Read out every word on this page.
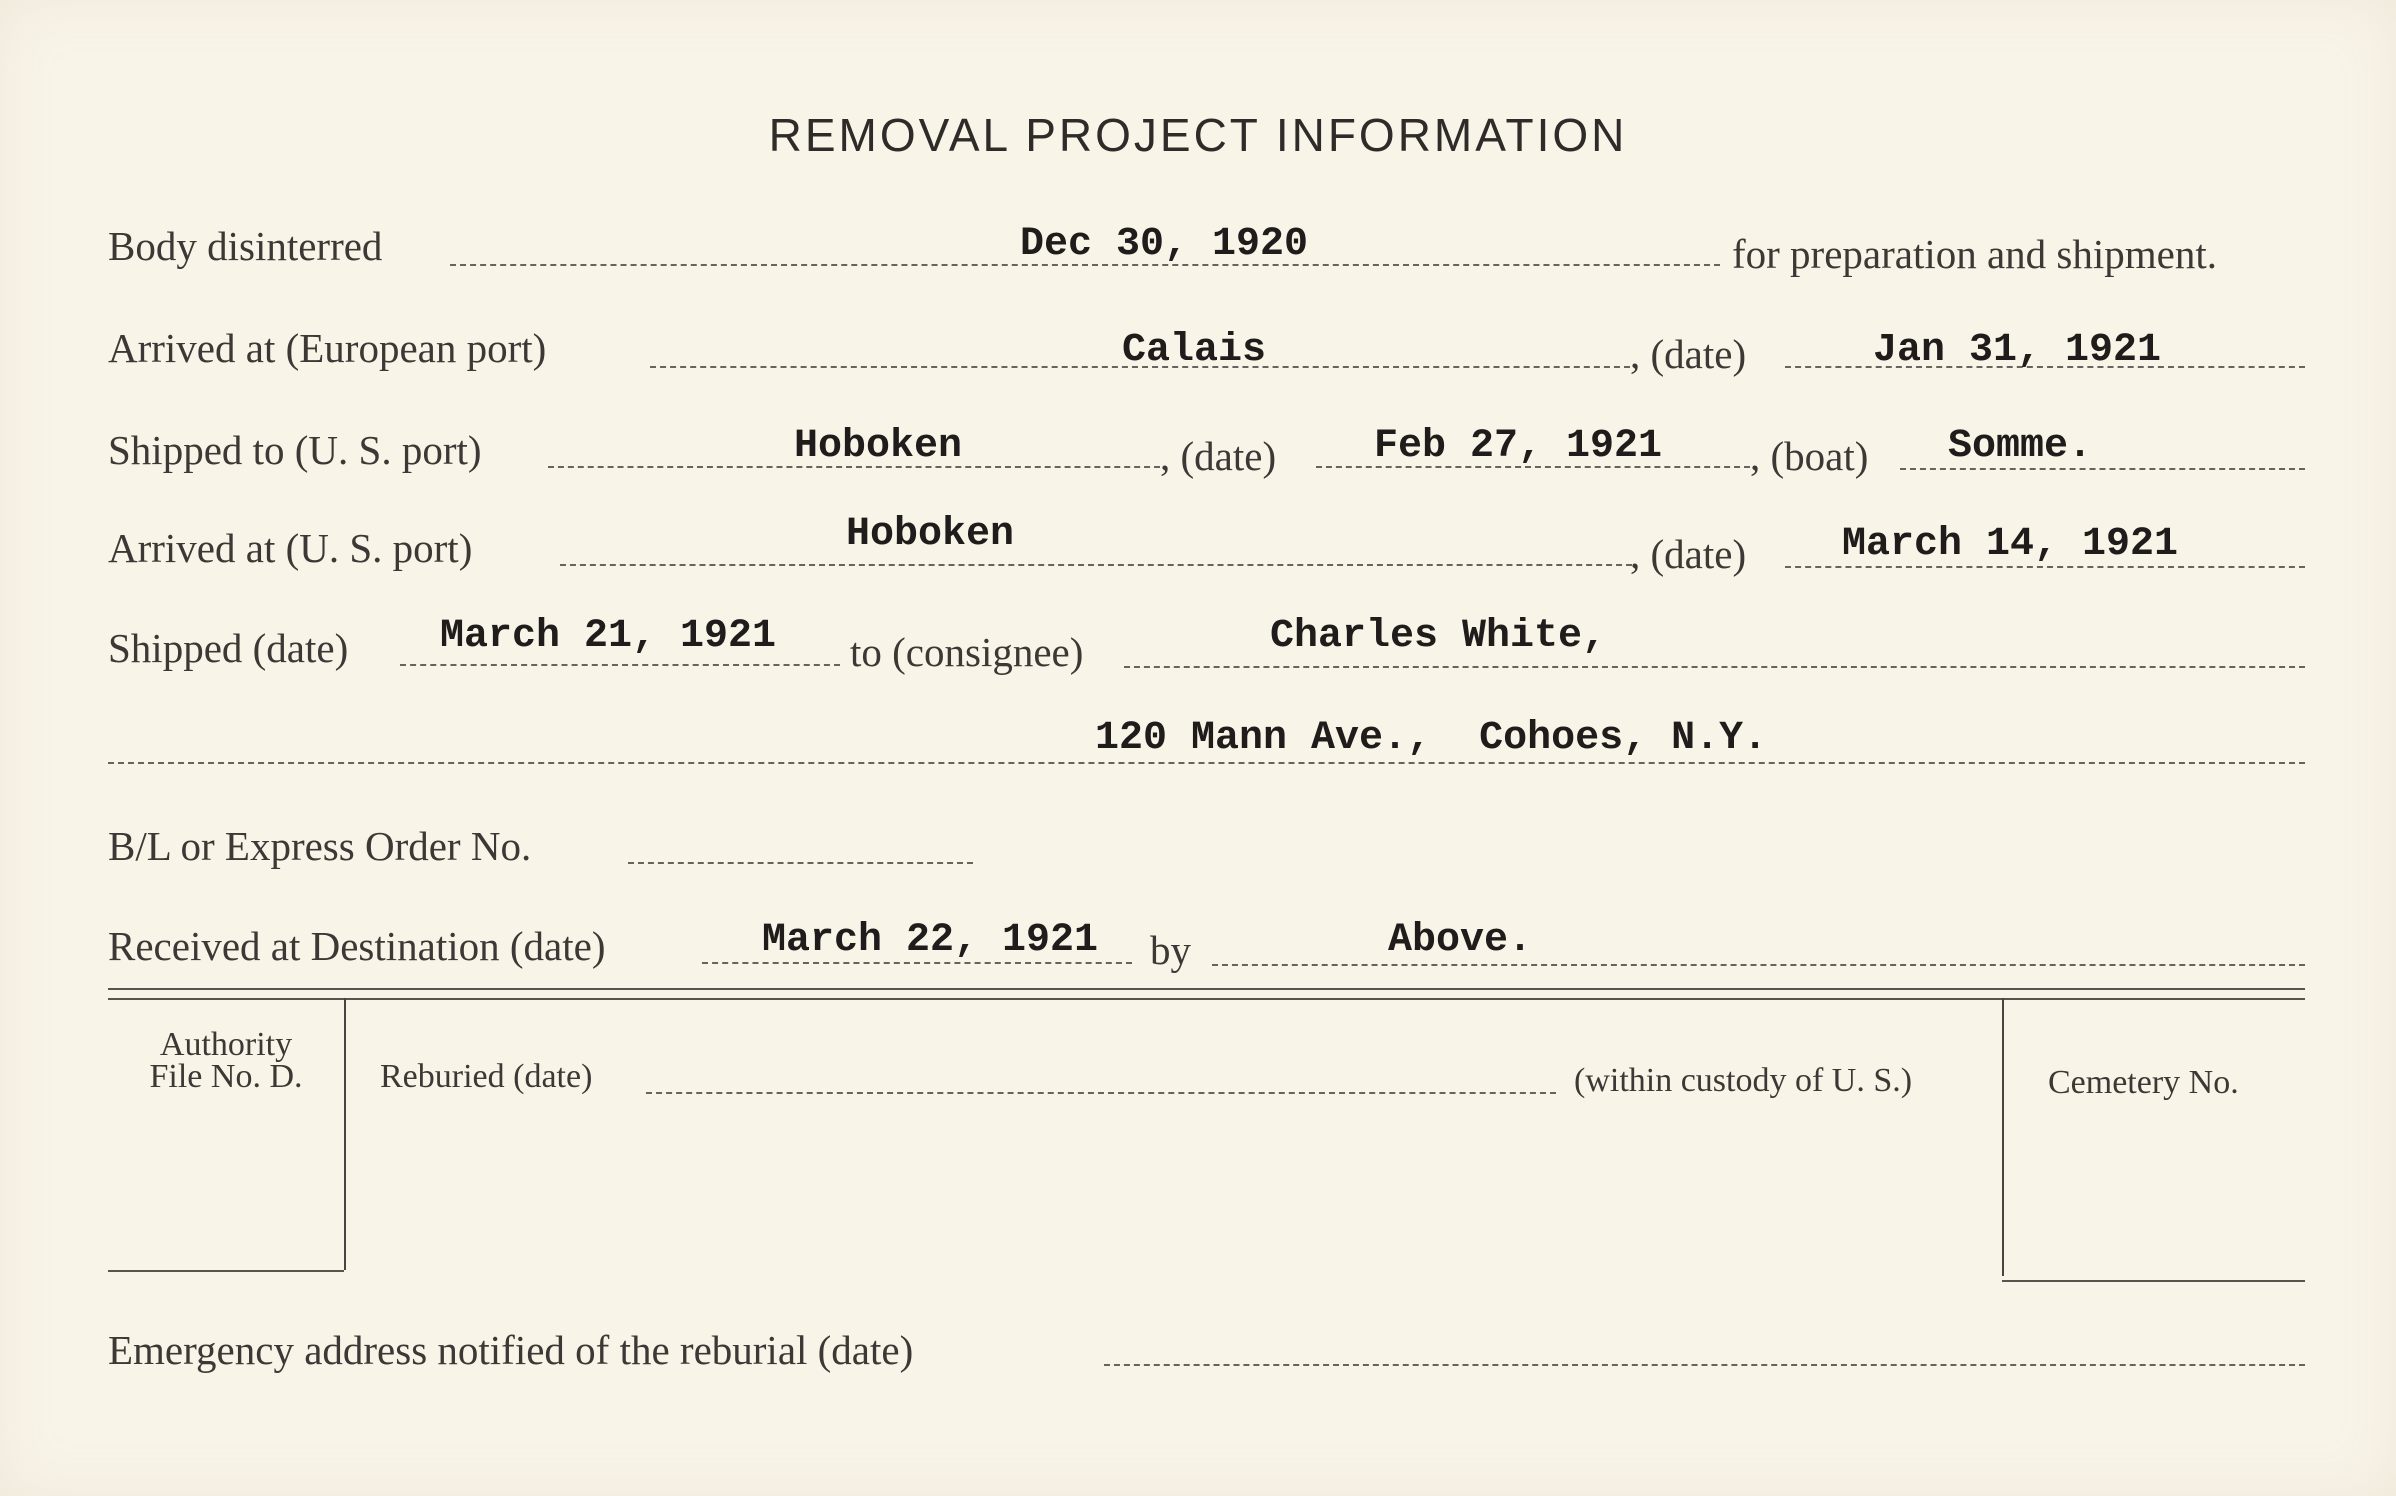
REMOVAL PROJECT INFORMATION
Body disinterred	Dec 30, 1920	for preparation and shipment.
Arrived at (European port)	Calais	, (date)	Jan 31, 1921
Shipped to (U. S. port)	Hoboken	, (date) Feb 27, 1921 , (boat) Somme.
Arrived at (U. S. port)	Hoboken	, (date) March 14, 1921
Shipped (date) March 21, 1921 to (consignee)	Charles White,
120 Mann Ave.,  Cohoes, N.Y.
B/L or Express Order No.
Received at Destination (date)	March 22, 1921 by	Above.
Authority
File No. D.	Reburied (date)	(within custody of U. S.)	Cemetery No.
Emergency address notified of the reburial (date)
